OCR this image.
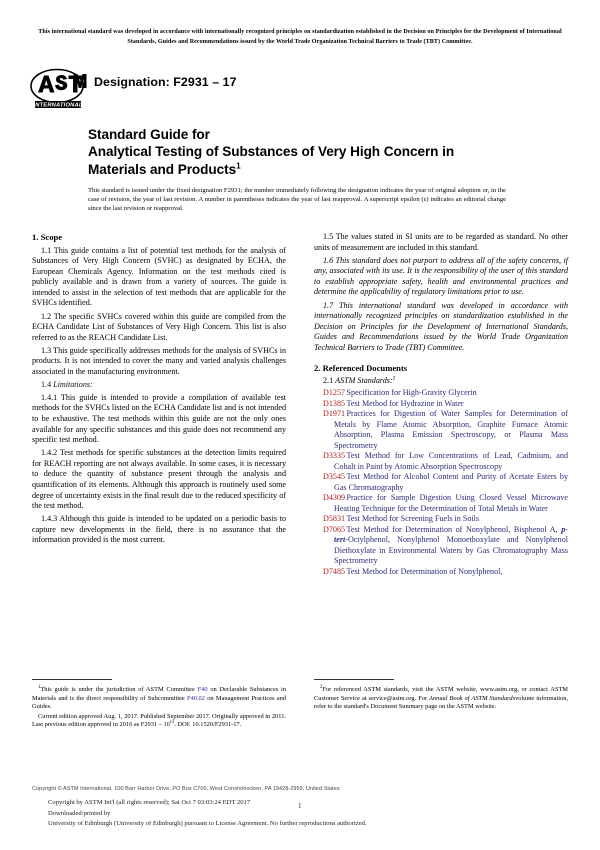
This international standard was developed in accordance with internationally recognized principles on standardization established in the Decision on Principles for the Development of International Standards, Guides and Recommendations issued by the World Trade Organization Technical Barriers to Trade (TBT) Committee.
INTERNATIONAL
Designation: F2931 – 17
Standard Guide for
Analytical Testing of Substances of Very High Concern in
Materials and Products$^1$
This standard is issued under the fixed designation F2931; the number immediately following the designation indicates the year of original adoption or, in the case of revision, the year of last revision. A number in parentheses indicates the year of last reapproval. A superscript epsilon (ε) indicates an editorial change since the last revision or reapproval.
1. Scope

1.1 This guide contains a list of potential test methods for the analysis of Substances of Very High Concern (SVHC) as designated by ECHA, the European Chemicals Agency. Information on the test methods cited is publicly available and is drawn from a variety of sources. The guide is intended to assist in the selection of test methods that are applicable for the SVHCs identified.

1.2 The specific SVHCs covered within this guide are compiled from the ECHA Candidate List of Substances of Very High Concern. This list is also referred to as the REACH Candidate List.

1.3 This guide specifically addresses methods for the analysis of SVHCs in products. It is not intended to cover the many and varied analysis challenges associated in the manufacturing environment.

1.4 Limitations:

1.4.1 This guide is intended to provide a compilation of available test methods for the SVHCs listed on the ECHA Candidate list and is not intended to be exhaustive. The test methods within this guide are not the only ones available for any specific substances and this guide does not recommend any specific test method.

1.4.2 Test methods for specific substances at the detection limits required for REACH reporting are not always available. In some cases, it is necessary to deduce the quantity of substance present through the analysis and quantification of its elements. Although this approach is routinely used some degree of uncertainty exists in the final result due to the reduced specificity of the test method.

1.4.3 Although this guide is intended to be updated on a periodic basis to capture new developments in the field, there is no assurance that the information provided is the most current.

1.5 The values stated in SI units are to be regarded as standard. No other units of measurement are included in this standard.

1.6 This standard does not purport to address all of the safety concerns, if any, associated with its use. It is the responsibility of the user of this standard to establish appropriate safety, health and environmental practices and determine the applicability of regulatory limitations prior to use.

1.7 This international standard was developed in accordance with internationally recognized principles on standardization established in the Decision on Principles for the Development of International Standards, Guides and Recommendations issued by the World Trade Organization Technical Barriers to Trade (TBT) Committee.

2. Referenced Documents
2.1 ASTM Standards:$^2$
D1257 Specification for High-Gravity Glycerin
D1385 Test Method for Hydrazine in Water
D1971 Practices for Digestion of Water Samples for Determination of Metals by Flame Atomic Absorption, Graphite Furnace Atomic Absorption, Plasma Emission Spectroscopy, or Plasma Mass Spectrometry
D3335 Test Method for Low Concentrations of Lead, Cadmium, and Cobalt in Paint by Atomic Absorption Spectroscopy
D3545 Test Method for Alcohol Content and Purity of Acetate Esters by Gas Chromatography
D4309 Practice for Sample Digestion Using Closed Vessel Microwave Heating Technique for the Determination of Total Metals in Water
D5831 Test Method for Screening Fuels in Soils
D7065 Test Method for Determination of Nonylphenol, Bisphenol A, p-tert-Octylphenol, Nonylphenol Monoethoxylate and Nonylphenol Diethoxylate in Environmental Waters by Gas Chromatography Mass Spectrometry
D7485 Test Method for Determination of Nonylphenol,

$^1$This guide is under the jurisdiction of ASTM Committee F40 on Declarable Substances in Materials and is the direct responsibility of Subcommittee F40.02 on Management Practices and Guides.

Current edition approved Aug. 1, 2017. Published September 2017. Originally approved in 2011. Last previous edition approved in 2016 as $F2931 - 16^{\varepsilon 1}$. DOI: 10.1520/F2931-17.

$^2$For referenced ASTM standards, visit the ASTM website, www.astm.org, or contact ASTM Customer Service at service@astm.org. For Annual Book of ASTM Standardsvolume information, refer to the standard's Document Summary page on the ASTM website.

Copyright © ASTM International, 100 Barr Harbor Drive, PO Box C700, West Conshohocken, PA 19428-2959, United States
Copyright by ASTM Int'l (all rights reserved); Sat Oct 7 03:03:24 EDT 2017
Downloaded/printed by
University of Edinburgh (University of Edinburgh) pursuant to License Agreement. No further reproductions authorized.
1
